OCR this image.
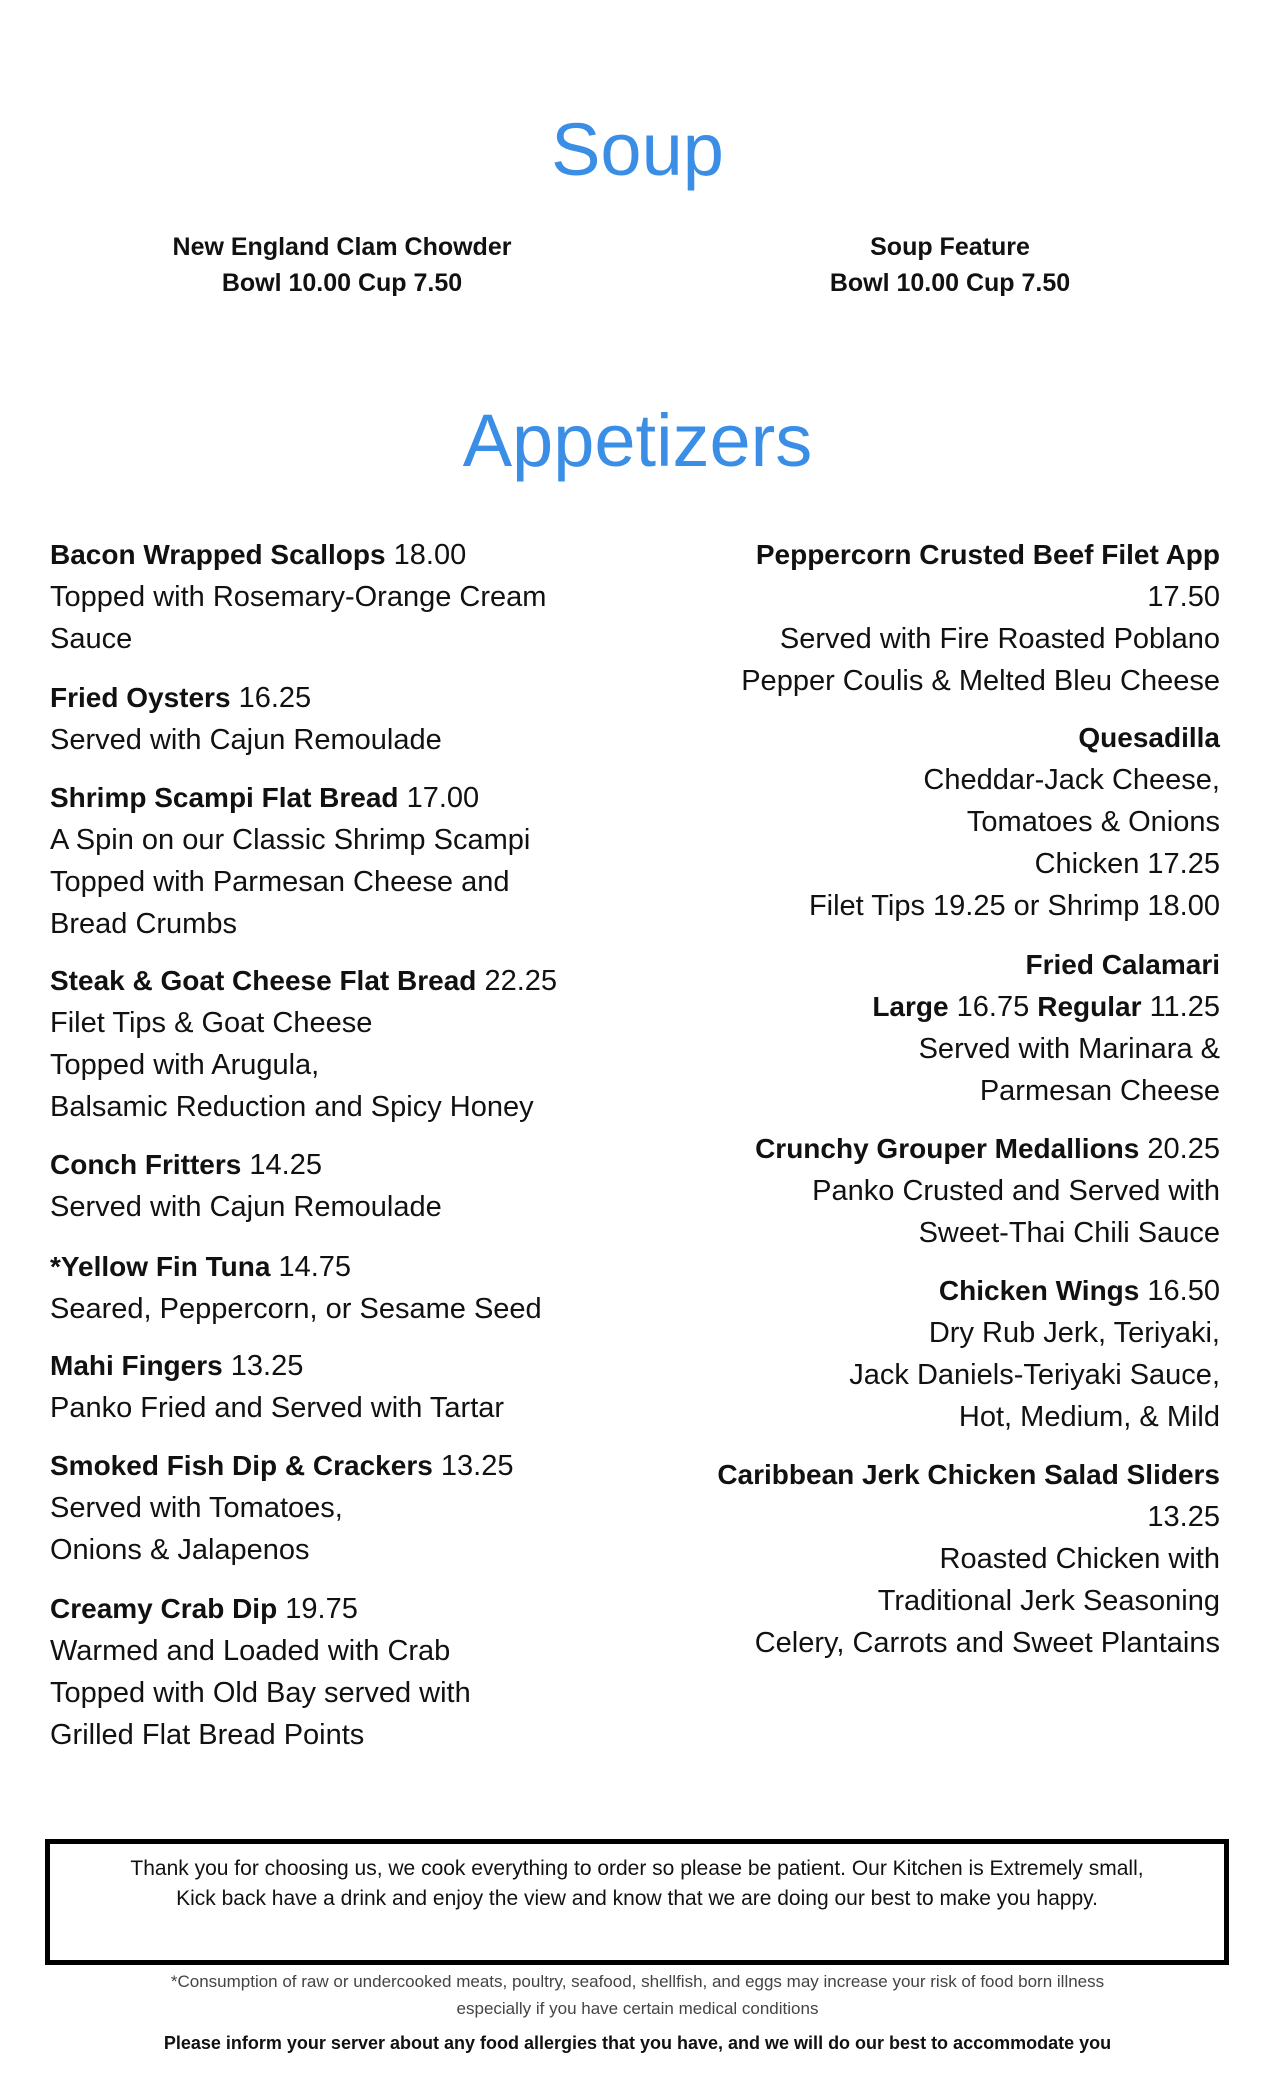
Soup
New England Clam Chowder
Bowl 10.00 Cup 7.50
Soup Feature
Bowl 10.00 Cup 7.50
Appetizers
Bacon Wrapped Scallops 18.00
Topped with Rosemary-Orange Cream
Sauce
Fried Oysters 16.25
Served with Cajun Remoulade
Shrimp Scampi Flat Bread 17.00
A Spin on our Classic Shrimp Scampi
Topped with Parmesan Cheese and
Bread Crumbs
Steak & Goat Cheese Flat Bread 22.25
Filet Tips & Goat Cheese
Topped with Arugula,
Balsamic Reduction and Spicy Honey
Conch Fritters 14.25
Served with Cajun Remoulade
*Yellow Fin Tuna 14.75
Seared, Peppercorn, or Sesame Seed
Mahi Fingers 13.25
Panko Fried and Served with Tartar
Smoked Fish Dip & Crackers 13.25
Served with Tomatoes,
Onions & Jalapenos
Creamy Crab Dip 19.75
Warmed and Loaded with Crab
Topped with Old Bay served with
Grilled Flat Bread Points
Peppercorn Crusted Beef Filet App
17.50
Served with Fire Roasted Poblano
Pepper Coulis & Melted Bleu Cheese
Quesadilla
Cheddar-Jack Cheese,
Tomatoes & Onions
Chicken 17.25
Filet Tips 19.25 or Shrimp 18.00
Fried Calamari
Large 16.75 Regular 11.25
Served with Marinara &
Parmesan Cheese
Crunchy Grouper Medallions 20.25
Panko Crusted and Served with
Sweet-Thai Chili Sauce
Chicken Wings 16.50
Dry Rub Jerk, Teriyaki,
Jack Daniels-Teriyaki Sauce,
Hot, Medium, & Mild
Caribbean Jerk Chicken Salad Sliders
13.25
Roasted Chicken with
Traditional Jerk Seasoning
Celery, Carrots and Sweet Plantains
Thank you for choosing us, we cook everything to order so please be patient. Our Kitchen is Extremely small,
Kick back have a drink and enjoy the view and know that we are doing our best to make you happy.
*Consumption of raw or undercooked meats, poultry, seafood, shellfish, and eggs may increase your risk of food born illness
especially if you have certain medical conditions
Please inform your server about any food allergies that you have, and we will do our best to accommodate you
